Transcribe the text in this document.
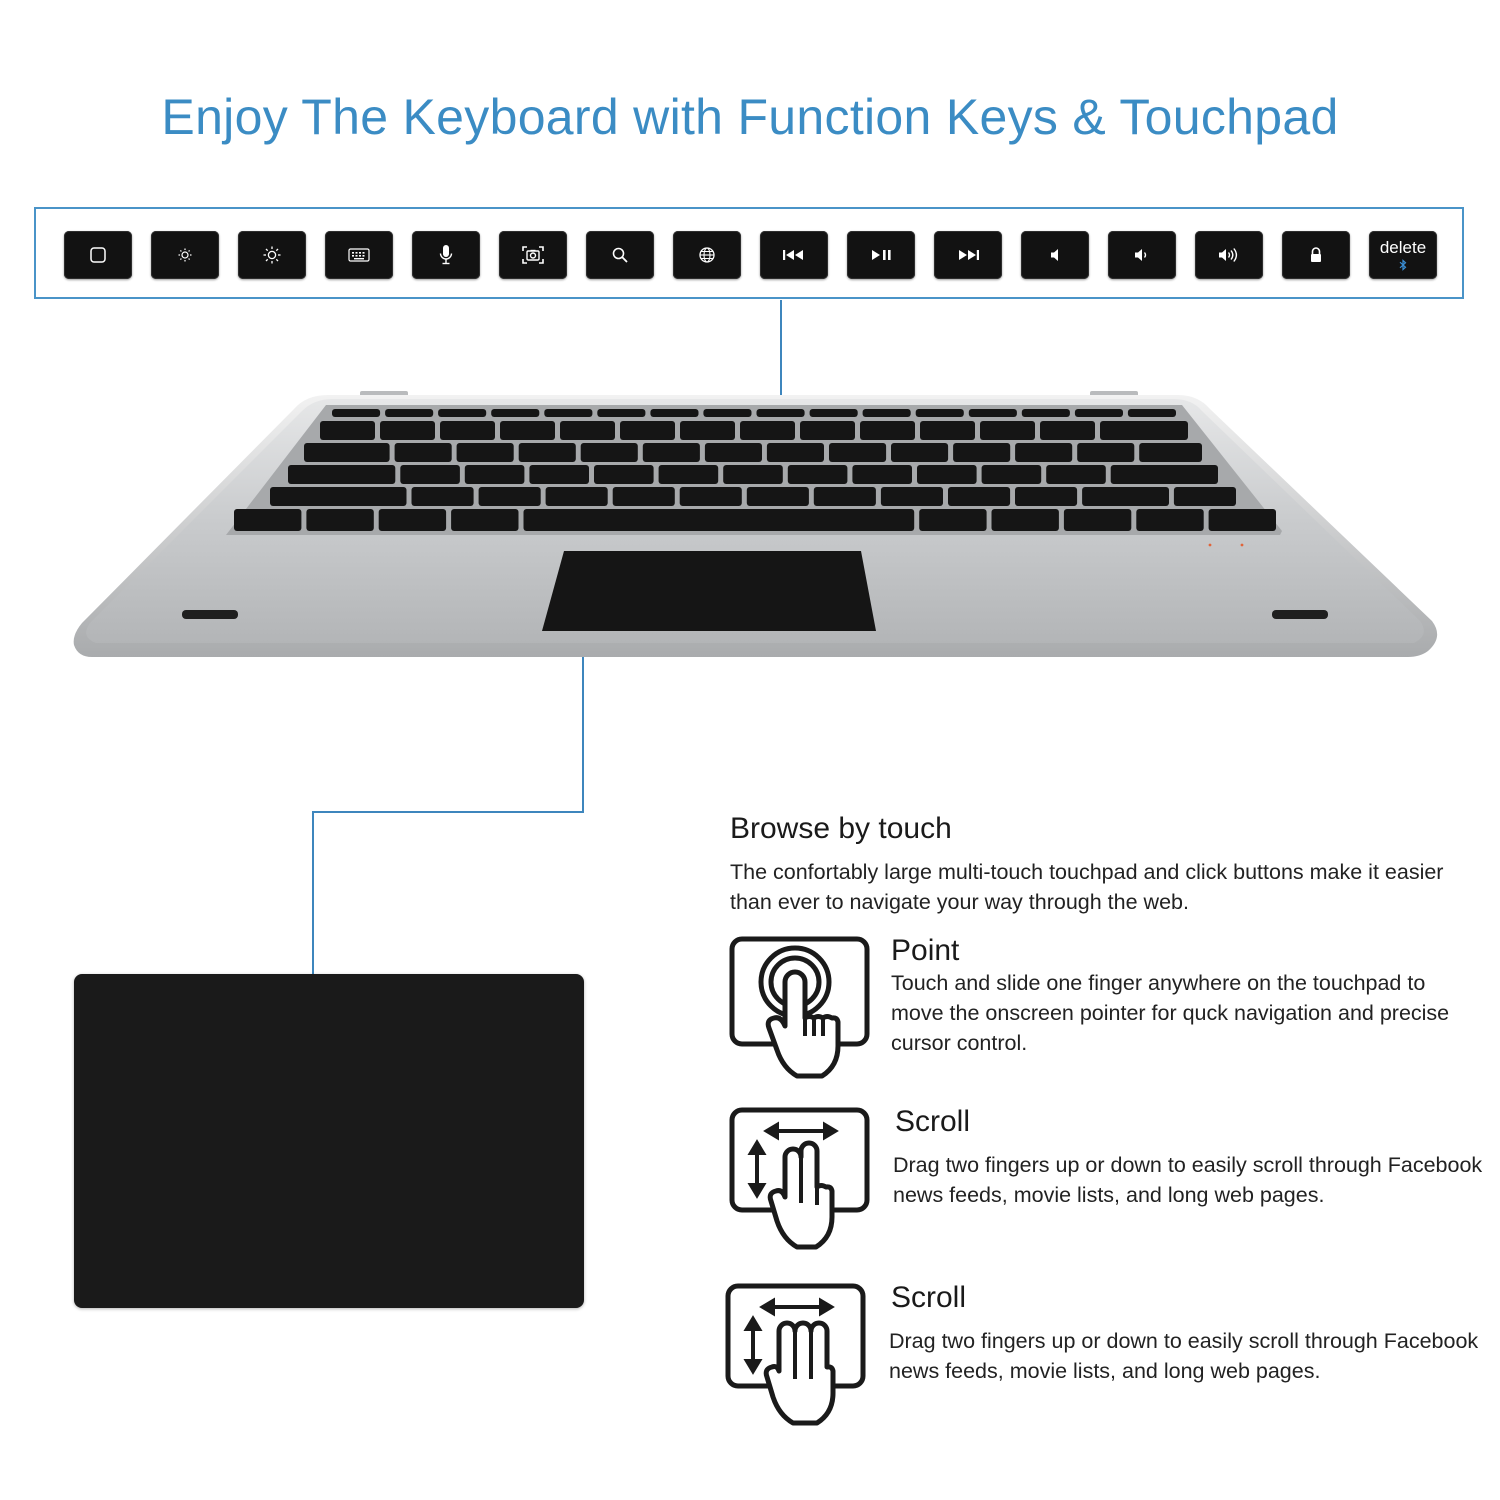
Enjoy The Keyboard with Function Keys & Touchpad
delete
Browse by touch
The confortably large multi-touch touchpad and click buttons make it easier than ever to navigate your way through the web.
Point
Touch and slide one finger anywhere on the touchpad to move the onscreen pointer for quck navigation and precise cursor control.
Scroll
Drag two fingers up or down to easily scroll through Facebook news feeds, movie lists, and long web pages.
Scroll
Drag two fingers up or down to easily scroll through Facebook news feeds, movie lists, and long web pages.
